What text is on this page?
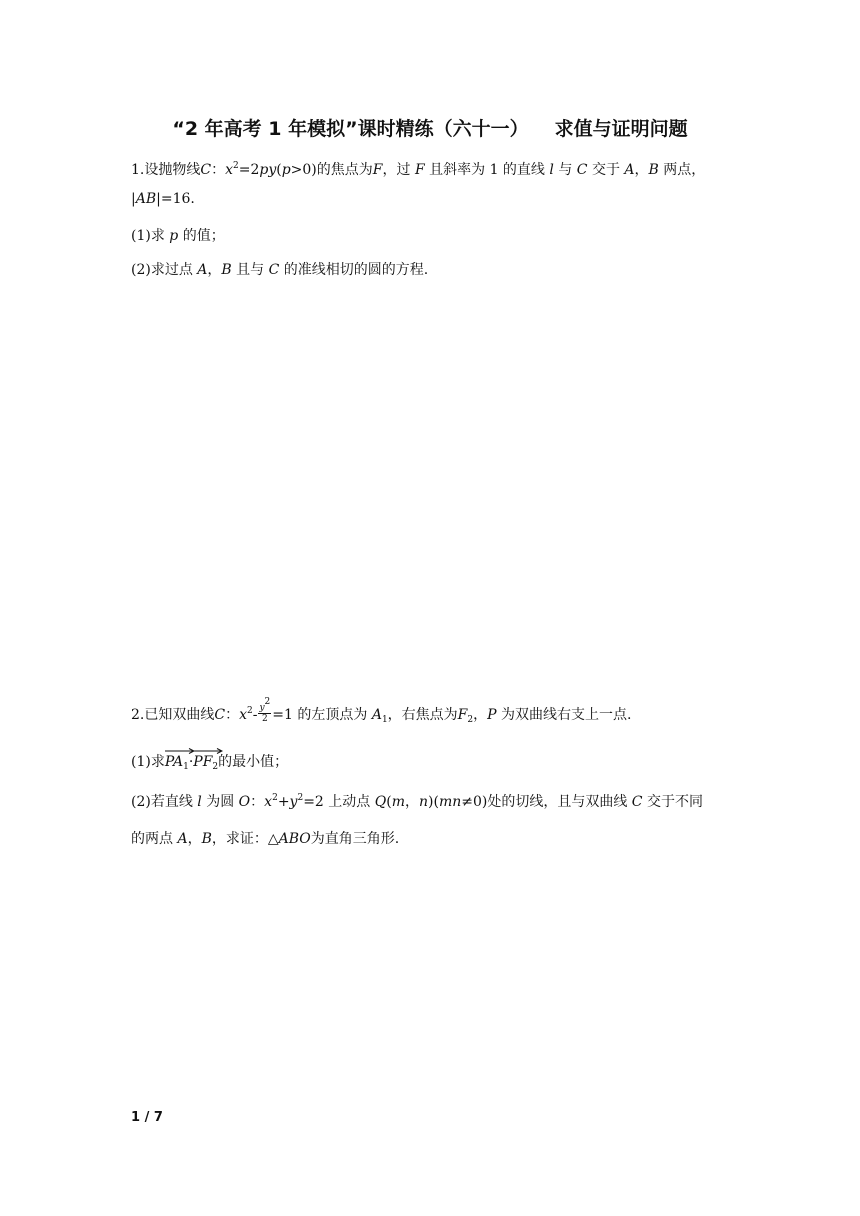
“2 年高考 1 年模拟”课时精练（六十一） 求值与证明问题
1.设抛物线C：$x^2=2py(p>0)$的焦点为F，过 F 且斜率为 1 的直线 l 与 C 交于 A，B 两点，
|AB|=16.
(1)求 p 的值；
(2)求过点 A，B 且与 C 的准线相切的圆的方程.
2.已知双曲线C：$x^2- \frac{y^2}{2} =1$ 的左顶点为 $A_1$，右焦点为$F_2$，P 为双曲线右支上一点.
(1)求
$PA_1\cdot$
$PF_2$的最小值；
(2)若直线 l 为圆 O：$x^2+y^2=2$ 上动点 Q(m，n)(mn≠0)处的切线，且与双曲线 C 交于不同
的两点 A，B，求证：△ABO为直角三角形.
1 / 7
